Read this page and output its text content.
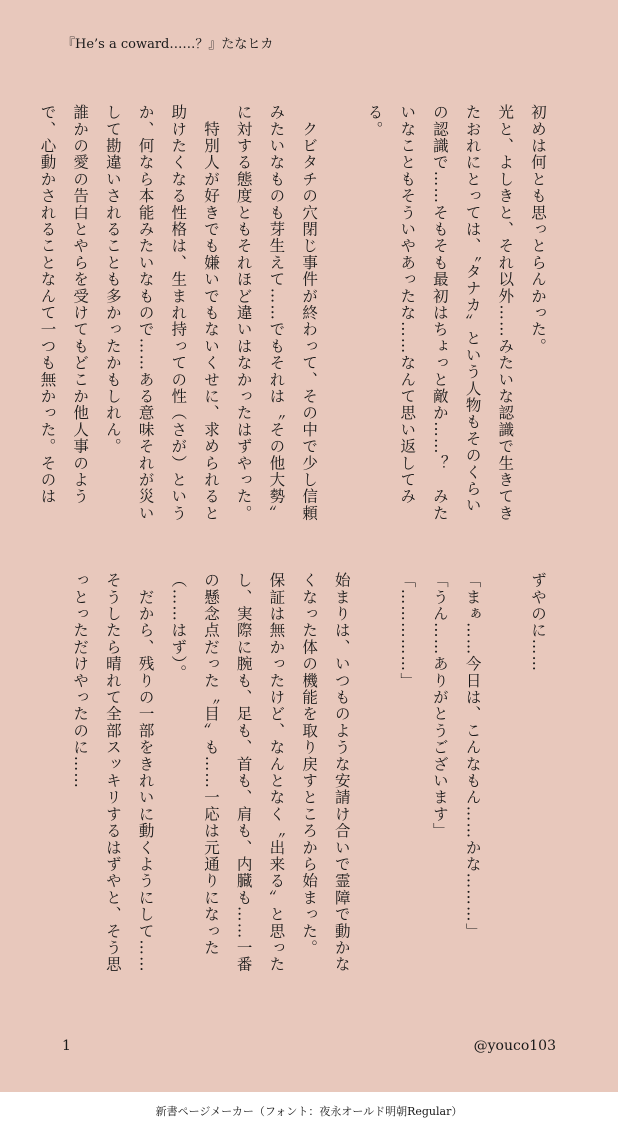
『He’s a coward……？』たなヒカ
初めは何とも思っとらんかった。
光と、よしきと、それ以外……みたいな認識で生きてきたおれにとっては、〝タナカ〟という人物もそのくらいの認識で……そもそも最初はちょっと敵か……？　みたいなこともそういやあったな……なんて思い返してみる。

　クビタチの穴閉じ事件が終わって、その中で少し信頼みたいなものも芽生えて……でもそれは〝その他大勢〟に対する態度ともそれほど違いはなかったはずやった。
　特別人が好きでも嫌いでもないくせに、求められると助けたくなる性格は、生まれ持っての性（さが）というか、何なら本能みたいなもので……ある意味それが災いして勘違いされることも多かったかもしれん。
誰かの愛の告白とやらを受けてもどこか他人事のようで、心動かされることなんて一つも無かった。そのは
ずやのに……

「まぁ……今日は、こんなもん……かな………」
「うん……ありがとうございます」
「……………」

始まりは、いつものような安請け合いで霊障で動かなくなった体の機能を取り戻すところから始まった。
保証は無かったけど、なんとなく〝出来る〟と思ったし、実際に腕も、足も、首も、肩も、内臓も……一番の懸念点だった〝目〟も……一応は元通りになった（……はず）。
　だから、残りの一部をきれいに動くようにして……そうしたら晴れて全部スッキリするはずやと、そう思っとっただけやったのに……
1	@youco103
新書ページメーカー（フォント：夜永オールド明朝Regular）
